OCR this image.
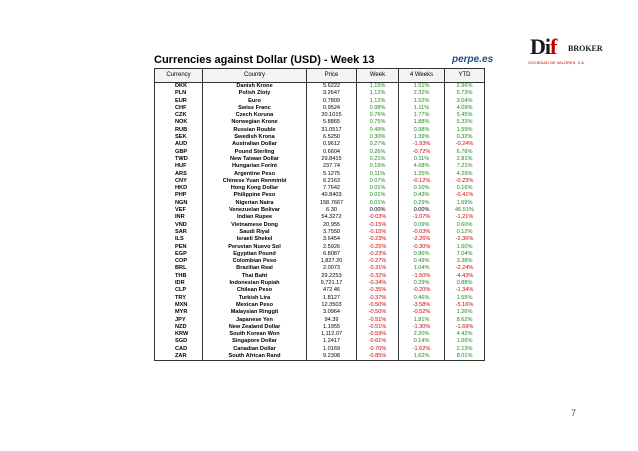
Currencies against Dollar (USD) - Week 13	perpe.es
Dif BROKER
SOCIEDAD DE VALORES, S.A.
Currency	Country	Price	Week	4 Weeks	YTD
DKK	Danish Krone	5.6222	1.15%	1.51%	2.96%
PLN	Polish Zloty	3.2647	1.12%	2.32%	5.73%
EUR	Euro	0.7809	1.12%	1.52%	3.04%
CHF	Swiss Franc	0.9524	0.98%	1.11%	4.09%
CZK	Czech Koruna	20.1015	0.76%	1.77%	5.45%
NOK	Norwegian Krone	5.8865	0.75%	1.88%	5.33%
RUB	Russian Rouble	31.0517	0.49%	0.98%	1.59%
SEK	Swedish Krona	6.5250	0.30%	1.39%	0.32%
AUD	Australian Dollar	0.9612	0.27%	-1.93%	-0.24%
GBP	Pound Sterling	0.6604	0.26%	-0.72%	6.76%
TWD	New Taiwan Dollar	29.8415	0.21%	0.11%	2.81%
HUF	Hungarian Forint	237.74	0.19%	4.68%	7.21%
ARS	Argentine Peso	5.1275	0.11%	1.25%	4.29%
CNY	Chinese Yuan Renminbi	6.2163	0.07%	-0.12%	-0.23%
HKD	Hong Kong Dollar	7.7642	0.01%	0.10%	0.16%
PHP	Philippine Peso	40.8403	0.01%	0.43%	-0.41%
NGN	Nigerian Naira	158.7667	0.01%	0.29%	1.69%
VEF	Venezuelan Bolivar	6.30	0.00%	0.00%	46.51%
INR	Indian Rupee	54.3272	-0.03%	-1.07%	-1.21%
VND	Vietnamese Dong	20,955	-0.15%	0.09%	0.60%
SAR	Saudi Riyal	3.7550	-0.15%	-0.03%	0.12%
ILS	Israeli Shekel	3.6454	-0.23%	-2.26%	-2.36%
PEN	Peruvian Nuevo Sol	2.5926	-0.25%	-0.30%	1.60%
EGP	Egyptian Pound	6.8087	-0.23%	0.86%	7.04%
COP	Colombian Peso	1,827.20	-0.27%	0.49%	3.38%
BRL	Brazilian Real	2.0073	-0.31%	1.04%	-2.24%
THB	Thai Baht	29.2253	-0.32%	-1.50%	-4.43%
IDR	Indonesian Rupiah	9,721.17	-0.34%	0.29%	0.88%
CLP	Chilean Peso	472.46	-0.35%	-0.20%	-1.34%
TRY	Turkish Lira	1.8127	-0.37%	0.46%	1.55%
MXN	Mexican Peso	12.3503	-0.50%	-3.58%	-5.16%
MYR	Malaysian Ringgit	3.0964	-0.50%	-0.52%	1.26%
JPY	Japanese Yen	94.39	-0.51%	1.81%	8.62%
NZD	New Zealand Dollar	1.1955	-0.51%	-1.30%	-1.69%
KRW	South Korean Won	1,112.07	-0.59%	2.20%	4.42%
SGD	Singapore Dollar	1.2417	-0.61%	0.14%	1.66%
CAD	Canadian Dollar	1.0169	-0.70%	-1.62%	2.13%
ZAR	South African Rand	9.2308	-0.85%	1.62%	8.01%
7
